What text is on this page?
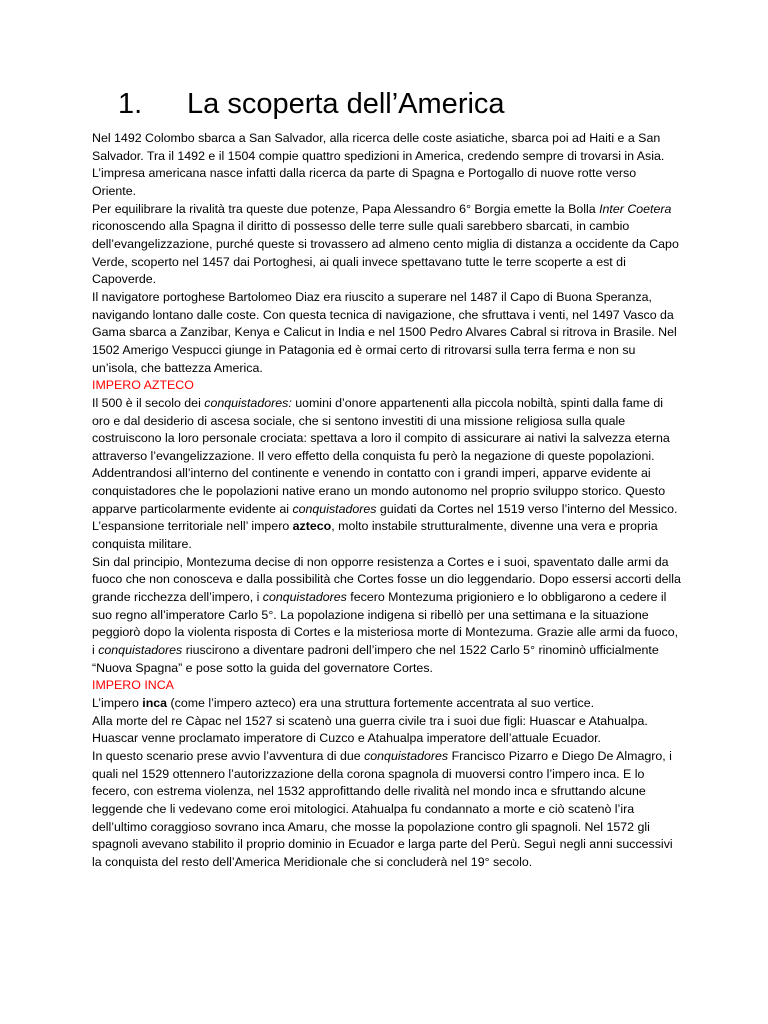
1.	La scoperta dell’America

Nel 1492 Colombo sbarca a San Salvador, alla ricerca delle coste asiatiche, sbarca poi ad Haiti e a San Salvador. Tra il 1492 e il 1504 compie quattro spedizioni in America, credendo sempre di trovarsi in Asia. L’impresa americana nasce infatti dalla ricerca da parte di Spagna e Portogallo di nuove rotte verso Oriente.

Per equilibrare la rivalità tra queste due potenze, Papa Alessandro 6° Borgia emette la Bolla Inter Coetera riconoscendo alla Spagna il diritto di possesso delle terre sulle quali sarebbero sbarcati, in cambio dell’evangelizzazione, purché queste si trovassero ad almeno cento miglia di distanza a occidente da Capo Verde, scoperto nel 1457 dai Portoghesi, ai quali invece spettavano tutte le terre scoperte a est di Capoverde.

Il navigatore portoghese Bartolomeo Diaz era riuscito a superare nel 1487 il Capo di Buona Speranza, navigando lontano dalle coste. Con questa tecnica di navigazione, che sfruttava i venti, nel 1497 Vasco da Gama sbarca a Zanzibar, Kenya e Calicut in India e nel 1500 Pedro Alvares Cabral si ritrova in Brasile. Nel 1502 Amerigo Vespucci giunge in Patagonia ed è ormai certo di ritrovarsi sulla terra ferma e non su un’isola, che battezza America.

IMPERO AZTECO

Il 500 è il secolo dei conquistadores: uomini d’onore appartenenti alla piccola nobiltà, spinti dalla fame di oro e dal desiderio di ascesa sociale, che si sentono investiti di una missione religiosa sulla quale costruiscono la loro personale crociata: spettava a loro il compito di assicurare ai nativi la salvezza eterna attraverso l’evangelizzazione. Il vero effetto della conquista fu però la negazione di queste popolazioni.

Addentrandosi all’interno del continente e venendo in contatto con i grandi imperi, apparve evidente ai conquistadores che le popolazioni native erano un mondo autonomo nel proprio sviluppo storico. Questo apparve particolarmente evidente ai conquistadores guidati da Cortes nel 1519 verso l’interno del Messico. L’espansione territoriale nell’ impero azteco, molto instabile strutturalmente, divenne una vera e propria conquista militare.

Sin dal principio, Montezuma decise di non opporre resistenza a Cortes e i suoi, spaventato dalle armi da fuoco che non conosceva e dalla possibilità che Cortes fosse un dio leggendario. Dopo essersi accorti della grande ricchezza dell’impero, i conquistadores fecero Montezuma prigioniero e lo obbligarono a cedere il suo regno all’imperatore Carlo 5°. La popolazione indigena si ribellò per una settimana e la situazione peggiorò dopo la violenta risposta di Cortes e la misteriosa morte di Montezuma. Grazie alle armi da fuoco, i conquistadores riuscirono a diventare padroni dell’impero che nel 1522 Carlo 5° rinominò ufficialmente “Nuova Spagna” e pose sotto la guida del governatore Cortes.

IMPERO INCA

L’impero inca (come l’impero azteco) era una struttura fortemente accentrata al suo vertice.

Alla morte del re Càpac nel 1527 si scatenò una guerra civile tra i suoi due figli: Huascar e Atahualpa. Huascar venne proclamato imperatore di Cuzco e Atahualpa imperatore dell’attuale Ecuador.

In questo scenario prese avvio l’avventura di due conquistadores Francisco Pizarro e Diego De Almagro, i quali nel 1529 ottennero l’autorizzazione della corona spagnola di muoversi contro l’impero inca. E lo fecero, con estrema violenza, nel 1532 approfittando delle rivalità nel mondo inca e sfruttando alcune leggende che li vedevano come eroi mitologici. Atahualpa fu condannato a morte e ciò scatenò l’ira dell’ultimo coraggioso sovrano inca Amaru, che mosse la popolazione contro gli spagnoli. Nel 1572 gli spagnoli avevano stabilito il proprio dominio in Ecuador e larga parte del Perù. Seguì negli anni successivi la conquista del resto dell’America Meridionale che si concluderà nel 19° secolo.
